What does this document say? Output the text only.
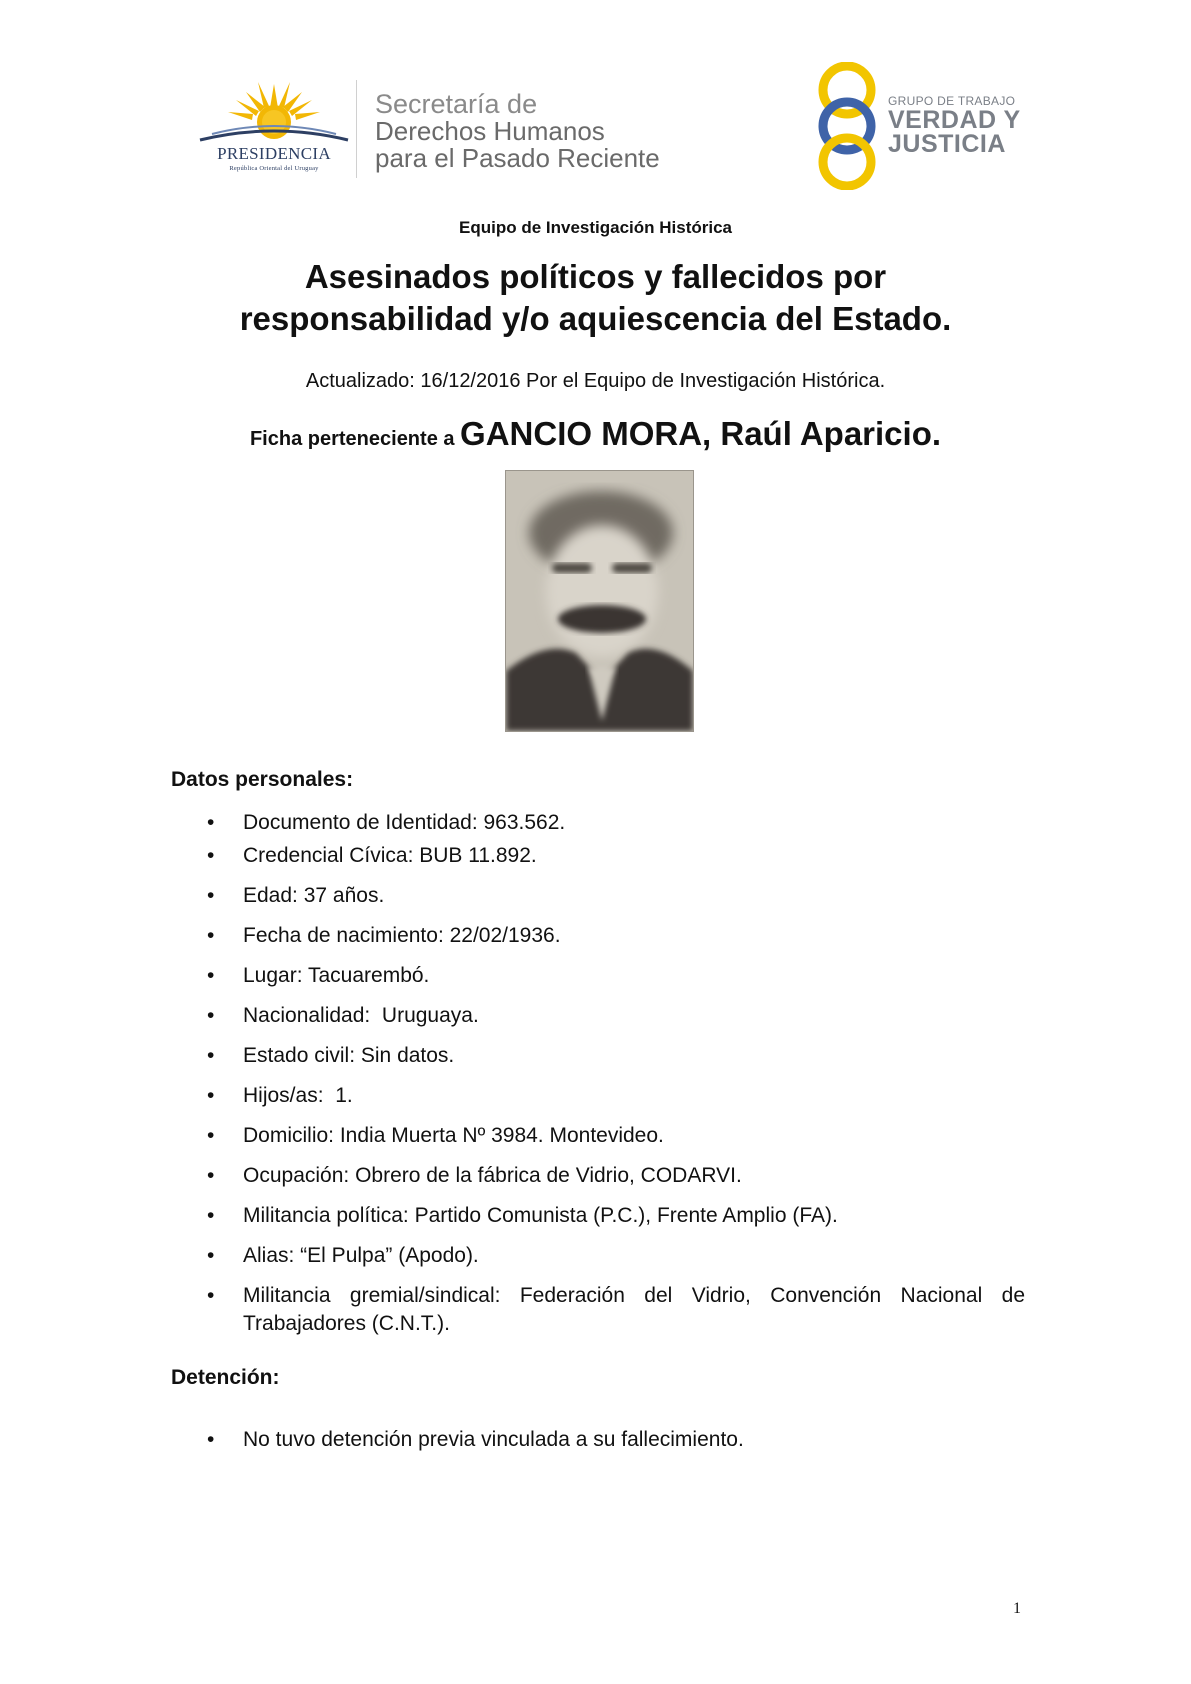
PRESIDENCIA
República Oriental del Uruguay
Secretaría de
Derechos Humanos
para el Pasado Reciente
GRUPO DE TRABAJO
VERDAD Y
JUSTICIA
Equipo de Investigación Histórica
Asesinados políticos y fallecidos por
responsabilidad y/o aquiescencia del Estado.
Actualizado: 16/12/2016 Por el Equipo de Investigación Histórica.
Ficha perteneciente a GANCIO MORA, Raúl Aparicio.
Datos personales:
• Documento de Identidad: 963.562.
• Credencial Cívica: BUB 11.892.
• Edad: 37 años.
• Fecha de nacimiento: 22/02/1936.
• Lugar: Tacuarembó.
• Nacionalidad:  Uruguaya.
• Estado civil: Sin datos.
• Hijos/as:  1.
• Domicilio: India Muerta Nº 3984. Montevideo.
• Ocupación: Obrero de la fábrica de Vidrio, CODARVI.
• Militancia política: Partido Comunista (P.C.), Frente Amplio (FA).
• Alias: “El Pulpa” (Apodo).
• Militancia gremial/sindical: Federación del Vidrio, Convención Nacional de Trabajadores (C.N.T.).
Detención:
• No tuvo detención previa vinculada a su fallecimiento.
1
